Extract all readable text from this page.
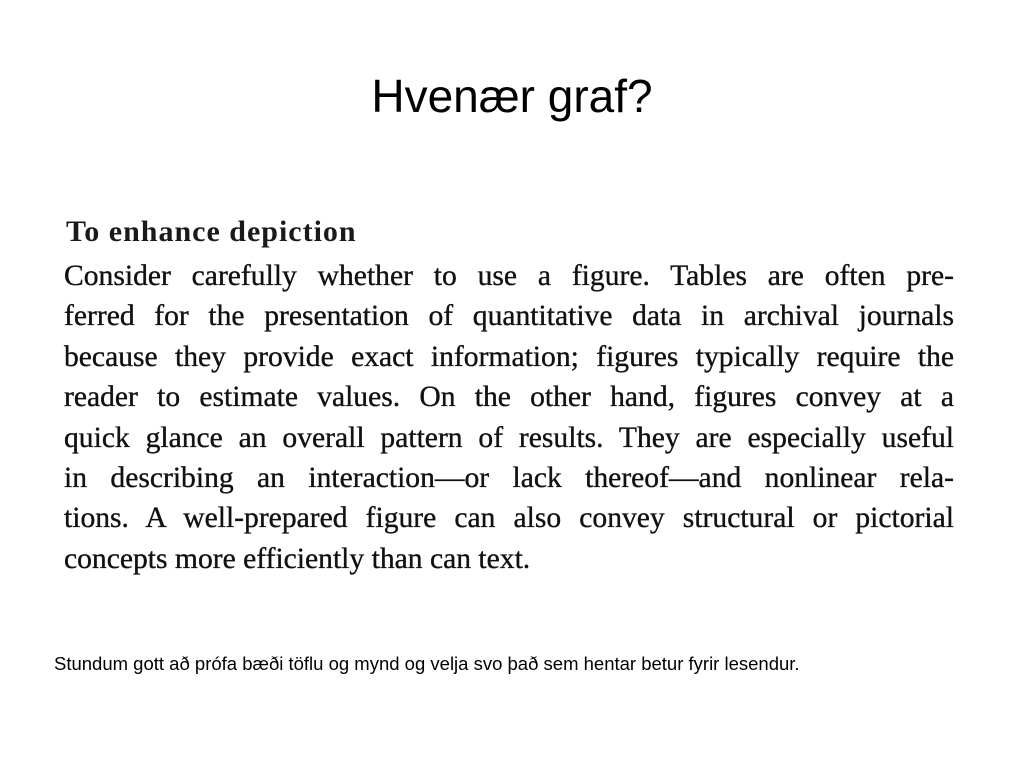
Hvenær graf?
To enhance depiction
Consider carefully whether to use a figure. Tables are often pre-
ferred for the presentation of quantitative data in archival journals
because they provide exact information; figures typically require the
reader to estimate values. On the other hand, figures convey at a
quick glance an overall pattern of results. They are especially useful
in describing an interaction—or lack thereof—and nonlinear rela-
tions. A well-prepared figure can also convey structural or pictorial
concepts more efficiently than can text.

Stundum gott að prófa bæði töflu og mynd og velja svo það sem hentar betur fyrir lesendur.
